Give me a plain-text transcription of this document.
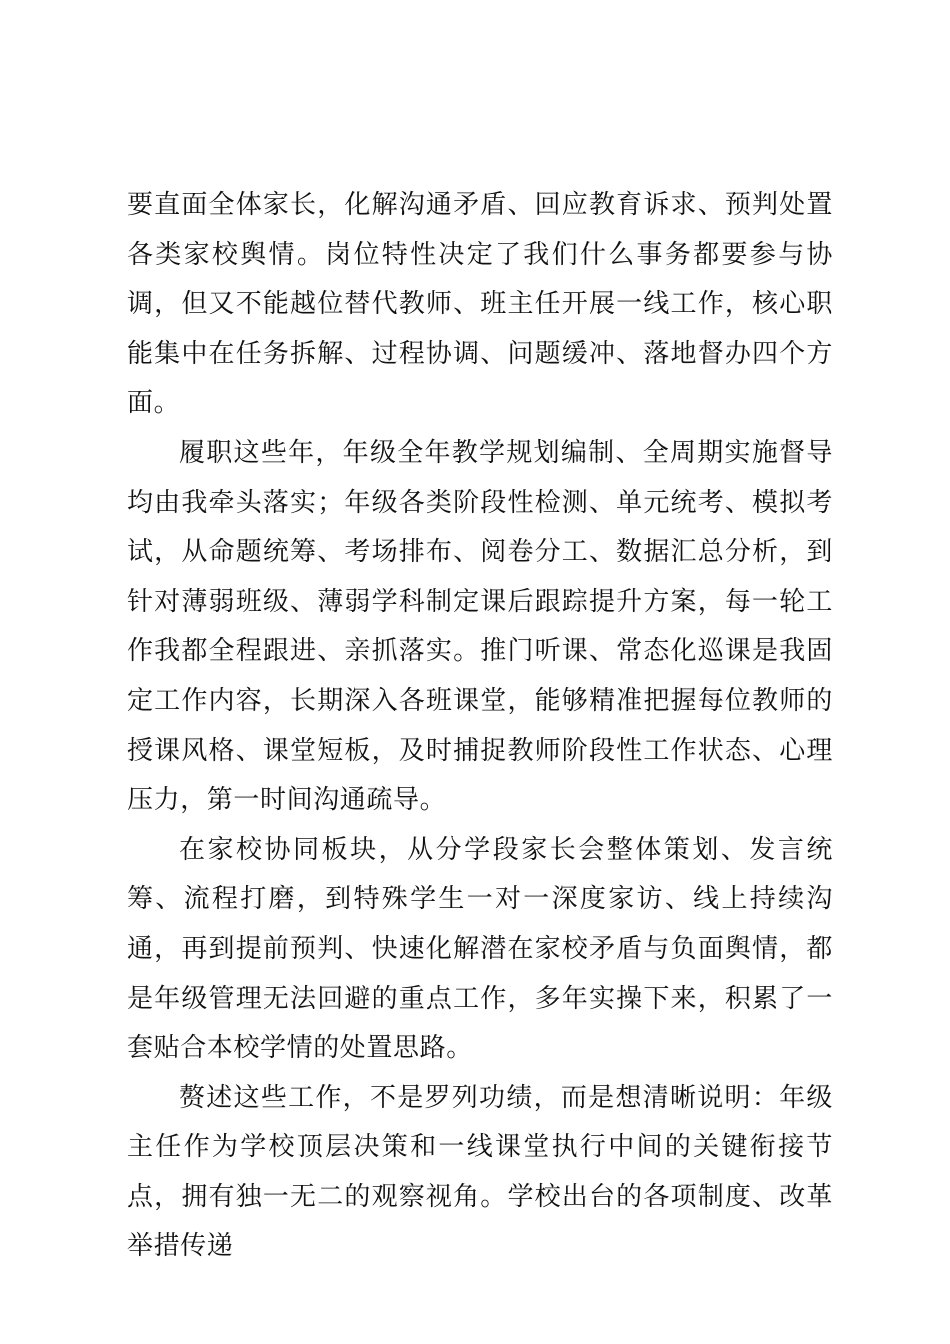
要直面全体家长，化解沟通矛盾、回应教育诉求、预判处置各类家校舆情。岗位特性决定了我们什么事务都要参与协调，但又不能越位替代教师、班主任开展一线工作，核心职能集中在任务拆解、过程协调、问题缓冲、落地督办四个方面。

履职这些年，年级全年教学规划编制、全周期实施督导均由我牵头落实；年级各类阶段性检测、单元统考、模拟考试，从命题统筹、考场排布、阅卷分工、数据汇总分析，到针对薄弱班级、薄弱学科制定课后跟踪提升方案，每一轮工作我都全程跟进、亲抓落实。推门听课、常态化巡课是我固定工作内容，长期深入各班课堂，能够精准把握每位教师的授课风格、课堂短板，及时捕捉教师阶段性工作状态、心理压力，第一时间沟通疏导。

在家校协同板块，从分学段家长会整体策划、发言统筹、流程打磨，到特殊学生一对一深度家访、线上持续沟通，再到提前预判、快速化解潜在家校矛盾与负面舆情，都是年级管理无法回避的重点工作，多年实操下来，积累了一套贴合本校学情的处置思路。

赘述这些工作，不是罗列功绩，而是想清晰说明：年级主任作为学校顶层决策和一线课堂执行中间的关键衔接节点，拥有独一无二的观察视角。学校出台的各项制度、改革举措传递
